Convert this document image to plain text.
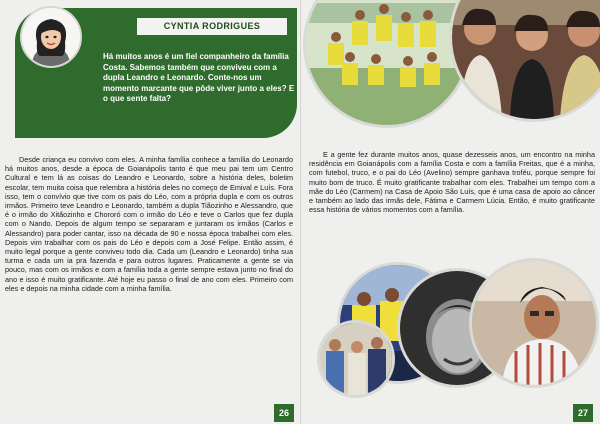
CYNTIA RODRIGUES
Há muitos anos é um fiel companheiro da família Costa. Sabemos também que conviveu com a dupla Leandro e Leonardo. Conte-nos um momento marcante que pôde viver junto a eles? E o que sente falta?
Desde criança eu convivo com eles. A minha família conhece a família do Leonardo há muitos anos, desde a época de Goianápolis tanto é que meu pai tem um Centro Cultural e tem lá as coisas do Leandro e Leonardo, sobre a história deles, boletim escolar, tem muita coisa que relembra a história deles no começo de Emival e Luís. Fora isso, tem o convívio que tive com os pais do Léo, com a própria dupla e com os outros irmãos. Primeiro teve Leandro e Leonardo, também a dupla Tiãozinho e Alessandro, que é o irmão do Xitãozinho e Chororó com o irmão do Léo e teve o Carlos que fez dupla com o Nando. Depois de algum tempo se separaram e juntaram os irmãos (Carlos e Alessandro) para poder cantar, isso na década de 90 e nossa época trabalhei com eles. Depois vim trabalhar com os pais do Léo e depois com a José Felipe. Então assim, é muito legal porque a gente conviveu todo dia. Cada um (Leandro e Leonardo) tinha sua turma e cada um ia pra fazenda e para outros lugares. Praticamente a gente se via pouco, mas com os irmãos e com a família toda a gente sempre estava junto no final do ano e isso é muito gratificante. Até hoje eu passo o final de ano com eles. Primeiro com eles e depois na minha cidade com a minha família.
26
E a gente fez durante muitos anos, quase dezesseis anos, um encontro na minha residência em Goianápolis com a família Costa e com a família Freitas, que é a minha, com futebol, truco, e o pai do Léo (Avelino) sempre ganhava troféu, porque sempre foi muito bom de truco. É muito gratificante trabalhar com eles. Trabalhei um tempo com a mãe do Léo (Carmem) na Casa de Apoio São Luís, que é uma casa de apoio ao câncer e também ao lado das irmãs dele, Fátima e Carmem Lúcia. Então, é muito gratificante essa história de vários momentos com a família.
27
